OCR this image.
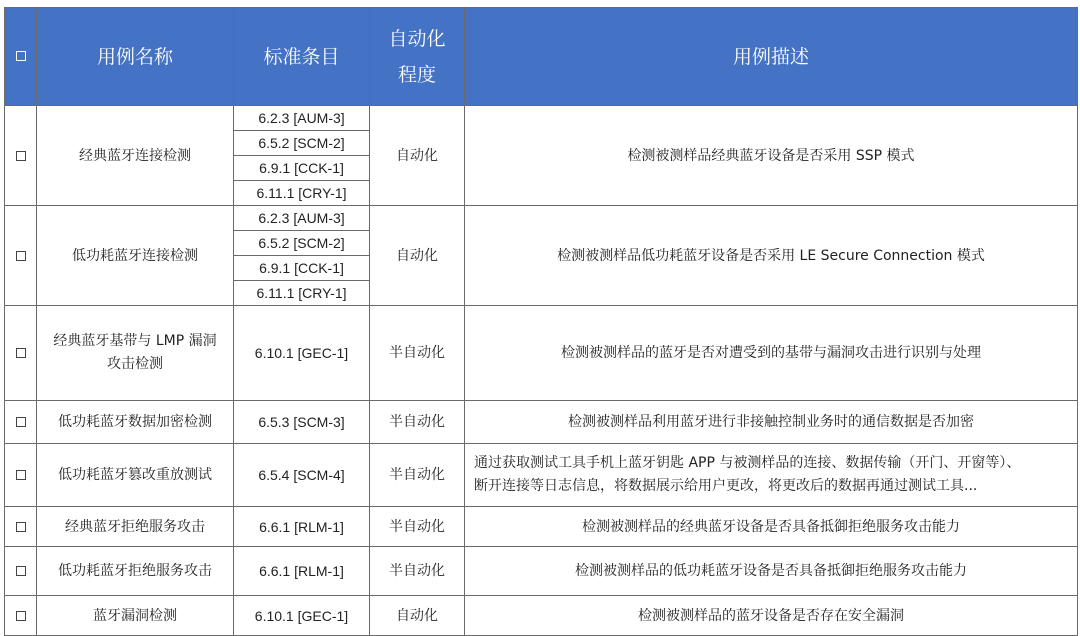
	用例名称	标准条目	自动化
程度	用例描述
	经典蓝牙连接检测	6.2.3 [AUM-3]	自动化	检测被测样品经典蓝牙设备是否采用 SSP 模式
		6.5.2 [SCM-2]		
		6.9.1 [CCK-1]		
		6.11.1 [CRY-1]		
	低功耗蓝牙连接检测	6.2.3 [AUM-3]	自动化	检测被测样品低功耗蓝牙设备是否采用 LE Secure Connection 模式
		6.5.2 [SCM-2]		
		6.9.1 [CCK-1]		
		6.11.1 [CRY-1]		
	经典蓝牙基带与 LMP 漏洞
攻击检测	6.10.1 [GEC-1]	半自动化	检测被测样品的蓝牙是否对遭受到的基带与漏洞攻击进行识别与处理
	低功耗蓝牙数据加密检测	6.5.3 [SCM-3]	半自动化	检测被测样品利用蓝牙进行非接触控制业务时的通信数据是否加密
	低功耗蓝牙篡改重放测试	6.5.4 [SCM-4]	半自动化	通过获取测试工具手机上蓝牙钥匙 APP 与被测样品的连接、数据传输（开门、开窗等）、
断开连接等日志信息，将数据展示给用户更改，将更改后的数据再通过测试工具...
	经典蓝牙拒绝服务攻击	6.6.1 [RLM-1]	半自动化	检测被测样品的经典蓝牙设备是否具备抵御拒绝服务攻击能力
	低功耗蓝牙拒绝服务攻击	6.6.1 [RLM-1]	半自动化	检测被测样品的低功耗蓝牙设备是否具备抵御拒绝服务攻击能力
	蓝牙漏洞检测	6.10.1 [GEC-1]	自动化	检测被测样品的蓝牙设备是否存在安全漏洞
